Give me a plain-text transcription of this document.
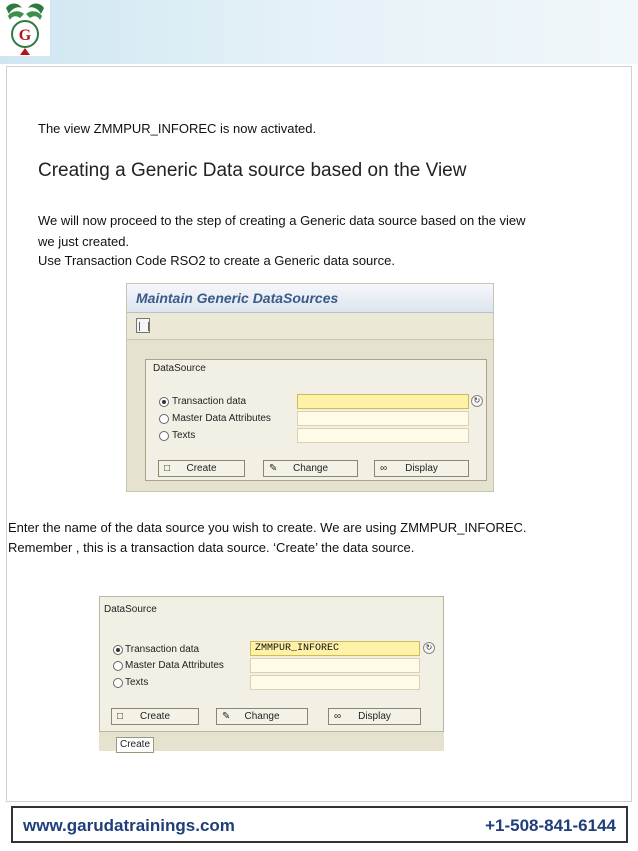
G
The view ZMMPUR_INFOREC is now activated.
Creating a Generic Data source based on the View
We will now proceed to the step of creating a Generic data source based on the view
we just created.
Use Transaction Code RSO2 to create a Generic data source.
Maintain Generic DataSources
DataSource
Transaction data
Master Data Attributes
Texts
↻
□	Create	✎	Change	∞	Display
Enter the name of the data source you wish to create. We are using ZMMPUR_INFOREC.
Remember , this is a transaction data source. ‘Create’ the data source.
DataSource
Transaction data
Master Data Attributes
Texts
ZMMPUR_INFOREC	↻
□	Create	✎	Change	∞	Display
Create
www.garudatrainings.com	+1-508-841-6144
